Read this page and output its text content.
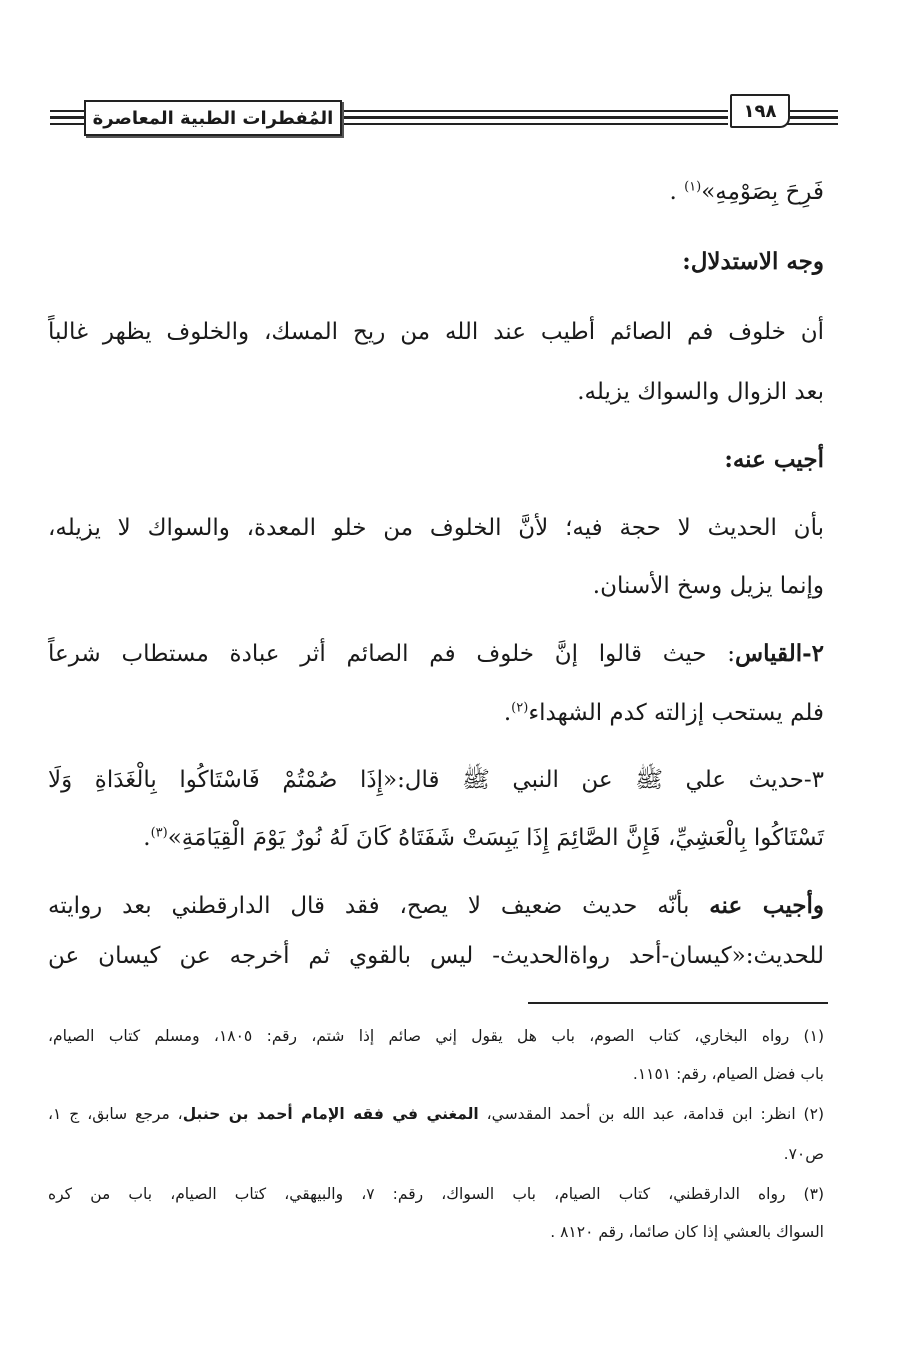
المُفطرات الطبية المعاصرة	١٩٨
فَرِحَ بِصَوْمِهِ»$^{(١)}$ .
وجه الاستدلال:
أن خلوف فم الصائم أطيب عند الله من ريح المسك، والخلوف يظهر غالباً
بعد الزوال والسواك يزيله.
أجيب عنه:
بأن الحديث لا حجة فيه؛ لأنَّ الخلوف من خلو المعدة، والسواك لا يزيله،
وإنما يزيل وسخ الأسنان.
٢-القياس: حيث قالوا إنَّ خلوف فم الصائم أثر عبادة مستطاب شرعاً
فلم يستحب إزالته كدم الشهداء$^{(٢)}$.
٣-حديث علي ﷺ عن النبي ﷺ قال:«إِذَا صُمْتُمْ فَاسْتَاكُوا بِالْغَدَاةِ وَلَا
تَسْتَاكُوا بِالْعَشِيِّ، فَإِنَّ الصَّائِمَ إِذَا يَبِسَتْ شَفَتَاهُ كَانَ لَهُ نُورٌ يَوْمَ الْقِيَامَةِ»$^{(٣)}$.
وأجيب عنه بأنّه حديث ضعيف لا يصح، فقد قال الدارقطني بعد روايته
للحديث:«كيسان-أحد رواةالحديث- ليس بالقوي ثم أخرجه عن كيسان عن
(١) رواه البخاري، كتاب الصوم، باب هل يقول إني صائم إذا شتم، رقم: ١٨٠٥، ومسلم كتاب الصيام،
باب فضل الصيام، رقم: ١١٥١.
(٢) انظر: ابن قدامة، عبد الله بن أحمد المقدسي، المغني في فقه الإمام أحمد بن حنبل، مرجع سابق، ج ١،
ص٧٠.
(٣) رواه الدارقطني، كتاب الصيام، باب السواك، رقم: ٧، والبيهقي، كتاب الصيام، باب من كره
السواك بالعشي إذا كان صائما، رقم ٨١٢٠ .
